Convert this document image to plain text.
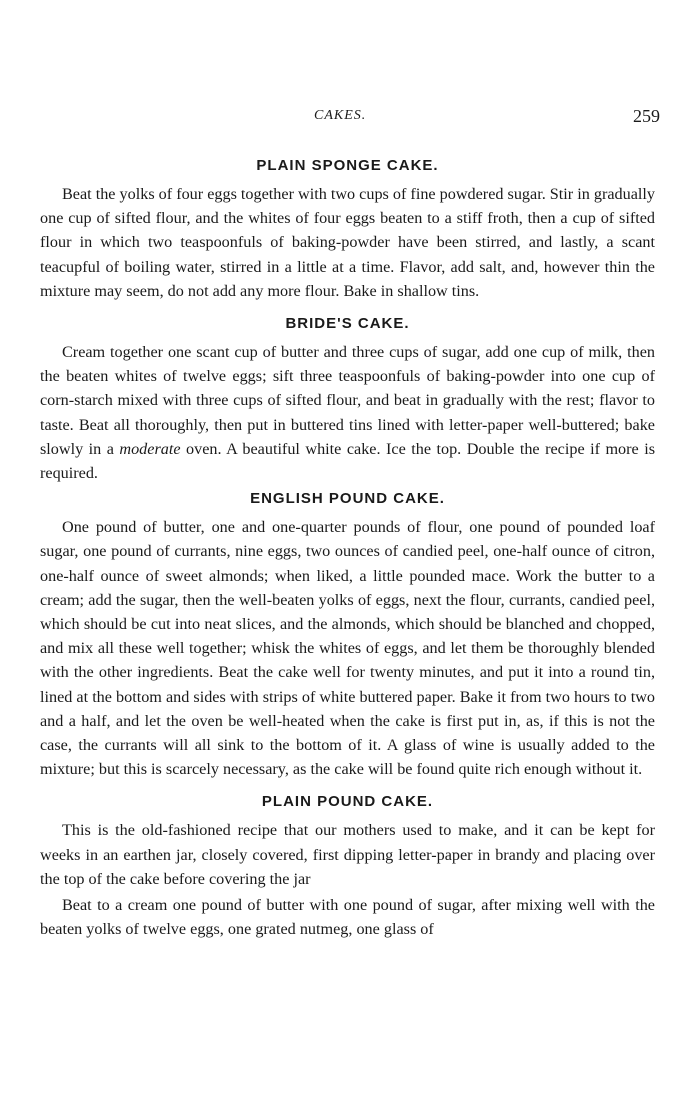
CAKES.	259
PLAIN SPONGE CAKE.

Beat the yolks of four eggs together with two cups of fine powdered sugar. Stir in gradually one cup of sifted flour, and the whites of four eggs beaten to a stiff froth, then a cup of sifted flour in which two teaspoonfuls of baking-powder have been stirred, and lastly, a scant teacupful of boiling water, stirred in a little at a time. Flavor, add salt, and, however thin the mixture may seem, do not add any more flour. Bake in shallow tins.

BRIDE'S CAKE.

Cream together one scant cup of butter and three cups of sugar, add one cup of milk, then the beaten whites of twelve eggs; sift three teaspoonfuls of baking-powder into one cup of corn-starch mixed with three cups of sifted flour, and beat in gradually with the rest; flavor to taste. Beat all thoroughly, then put in buttered tins lined with letter-paper well-buttered; bake slowly in a moderate oven. A beautiful white cake. Ice the top. Double the recipe if more is required.

ENGLISH POUND CAKE.

One pound of butter, one and one-quarter pounds of flour, one pound of pounded loaf sugar, one pound of currants, nine eggs, two ounces of candied peel, one-half ounce of citron, one-half ounce of sweet almonds; when liked, a little pounded mace. Work the butter to a cream; add the sugar, then the well-beaten yolks of eggs, next the flour, currants, candied peel, which should be cut into neat slices, and the almonds, which should be blanched and chopped, and mix all these well together; whisk the whites of eggs, and let them be thoroughly blended with the other ingredients. Beat the cake well for twenty minutes, and put it into a round tin, lined at the bottom and sides with strips of white buttered paper. Bake it from two hours to two and a half, and let the oven be well-heated when the cake is first put in, as, if this is not the case, the currants will all sink to the bottom of it. A glass of wine is usually added to the mixture; but this is scarcely necessary, as the cake will be found quite rich enough without it.

PLAIN POUND CAKE.

This is the old-fashioned recipe that our mothers used to make, and it can be kept for weeks in an earthen jar, closely covered, first dipping letter-paper in brandy and placing over the top of the cake before covering the jar

Beat to a cream one pound of butter with one pound of sugar, after mixing well with the beaten yolks of twelve eggs, one grated nutmeg, one glass of
